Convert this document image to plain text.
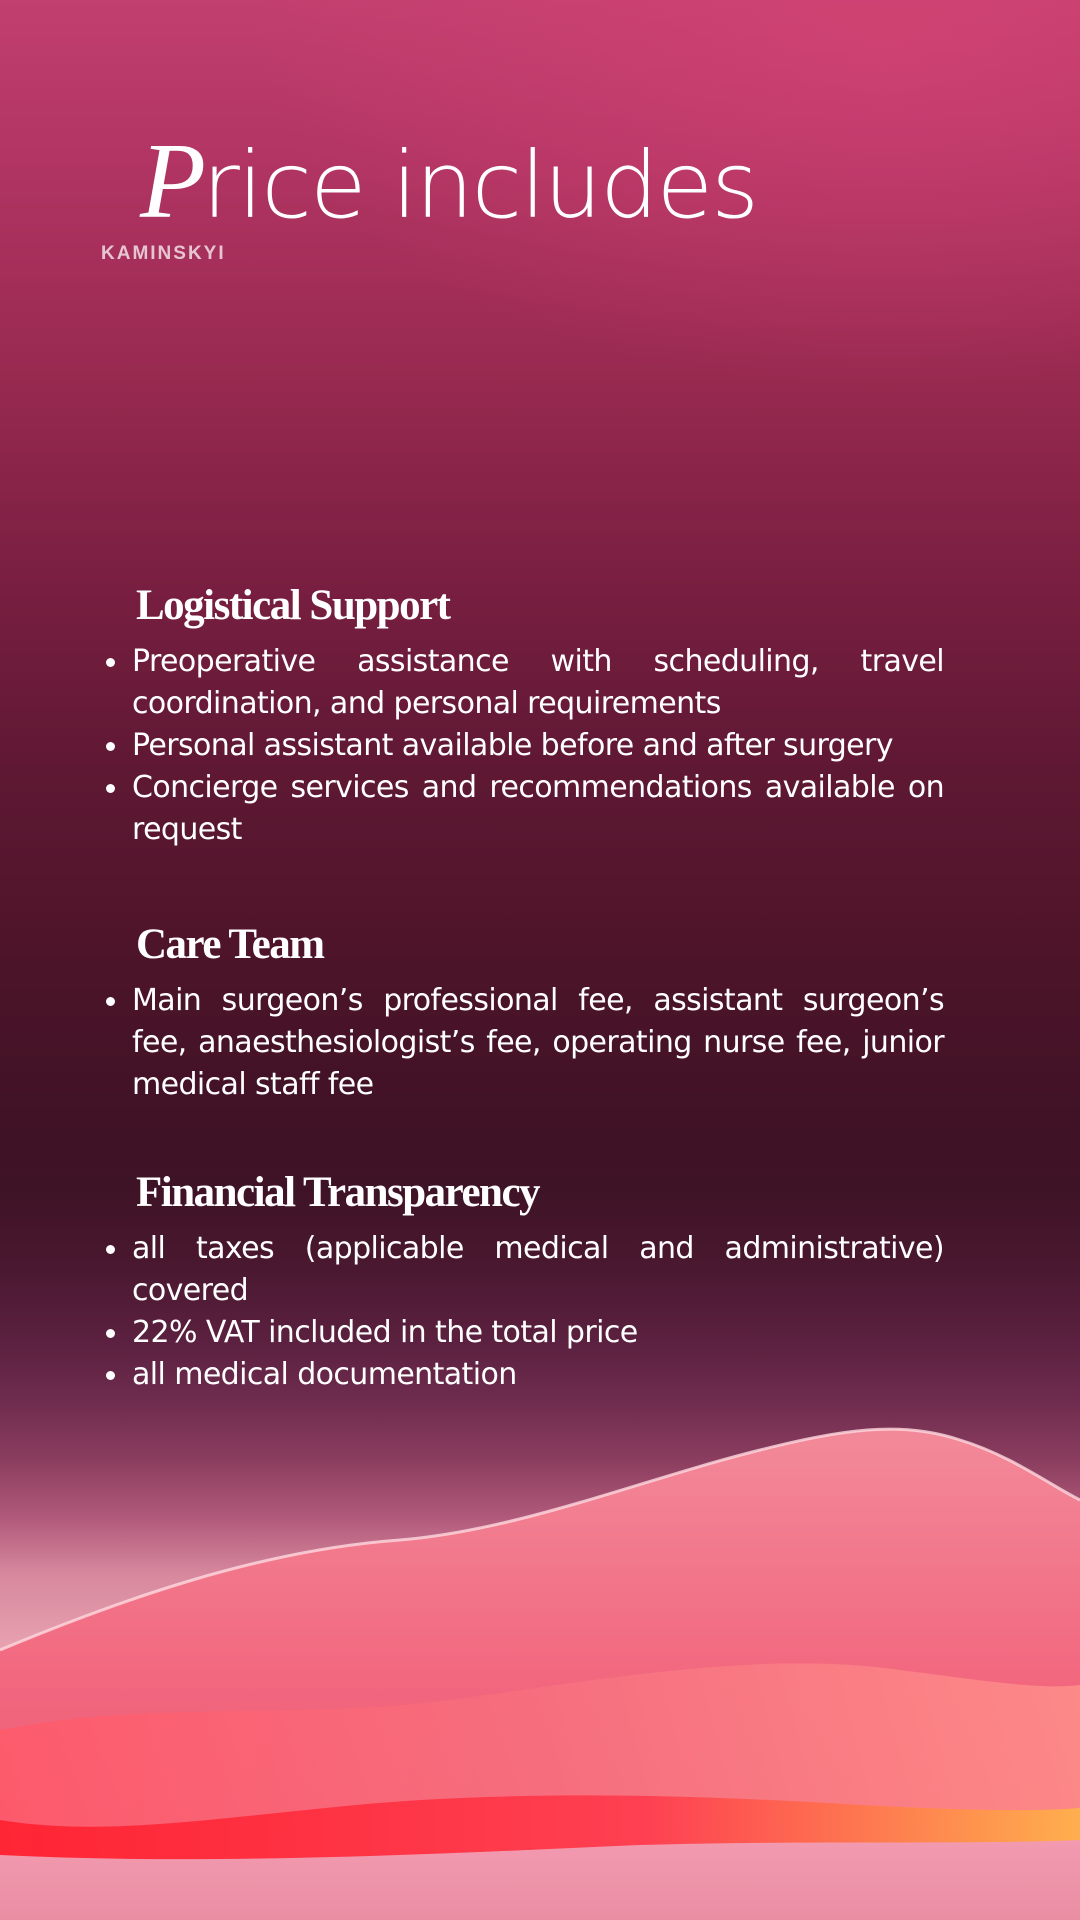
Price includes
KAMINSKYI
Logistical Support
Preoperative assistance with scheduling, travel coordination, and personal requirements
Personal assistant available before and after surgery
Concierge services and recommendations available on request
Care Team
Main surgeon’s professional fee, assistant surgeon’s fee, anaesthesiologist’s fee, operating nurse fee, junior medical staff fee
Financial Transparency
all taxes (applicable medical and administrative) covered
22% VAT included in the total price
all medical documentation
